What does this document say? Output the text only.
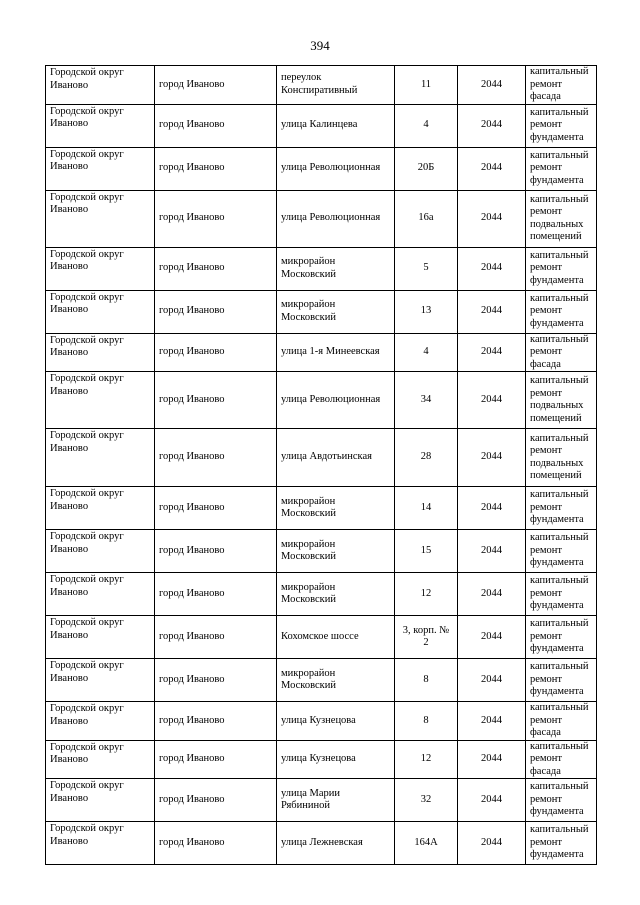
394
Городской округ Иваново	город Иваново	переулок Конспиративный	11	2044	капитальный ремонт фасада
Городской округ Иваново	город Иваново	улица Калинцева	4	2044	капитальный ремонт фундамента
Городской округ Иваново	город Иваново	улица Революционная	20Б	2044	капитальный ремонт фундамента
Городской округ Иваново	город Иваново	улица Революционная	16а	2044	капитальный ремонт подвальных помещений
Городской округ Иваново	город Иваново	микрорайон Московский	5	2044	капитальный ремонт фундамента
Городской округ Иваново	город Иваново	микрорайон Московский	13	2044	капитальный ремонт фундамента
Городской округ Иваново	город Иваново	улица 1-я Минеевская	4	2044	капитальный ремонт фасада
Городской округ Иваново	город Иваново	улица Революционная	34	2044	капитальный ремонт подвальных помещений
Городской округ Иваново	город Иваново	улица Авдотьинская	28	2044	капитальный ремонт подвальных помещений
Городской округ Иваново	город Иваново	микрорайон Московский	14	2044	капитальный ремонт фундамента
Городской округ Иваново	город Иваново	микрорайон Московский	15	2044	капитальный ремонт фундамента
Городской округ Иваново	город Иваново	микрорайон Московский	12	2044	капитальный ремонт фундамента
Городской округ Иваново	город Иваново	Кохомское шоссе	3, корп. № 2	2044	капитальный ремонт фундамента
Городской округ Иваново	город Иваново	микрорайон Московский	8	2044	капитальный ремонт фундамента
Городской округ Иваново	город Иваново	улица Кузнецова	8	2044	капитальный ремонт фасада
Городской округ Иваново	город Иваново	улица Кузнецова	12	2044	капитальный ремонт фасада
Городской округ Иваново	город Иваново	улица Марии Рябининой	32	2044	капитальный ремонт фундамента
Городской округ Иваново	город Иваново	улица Лежневская	164А	2044	капитальный ремонт фундамента
